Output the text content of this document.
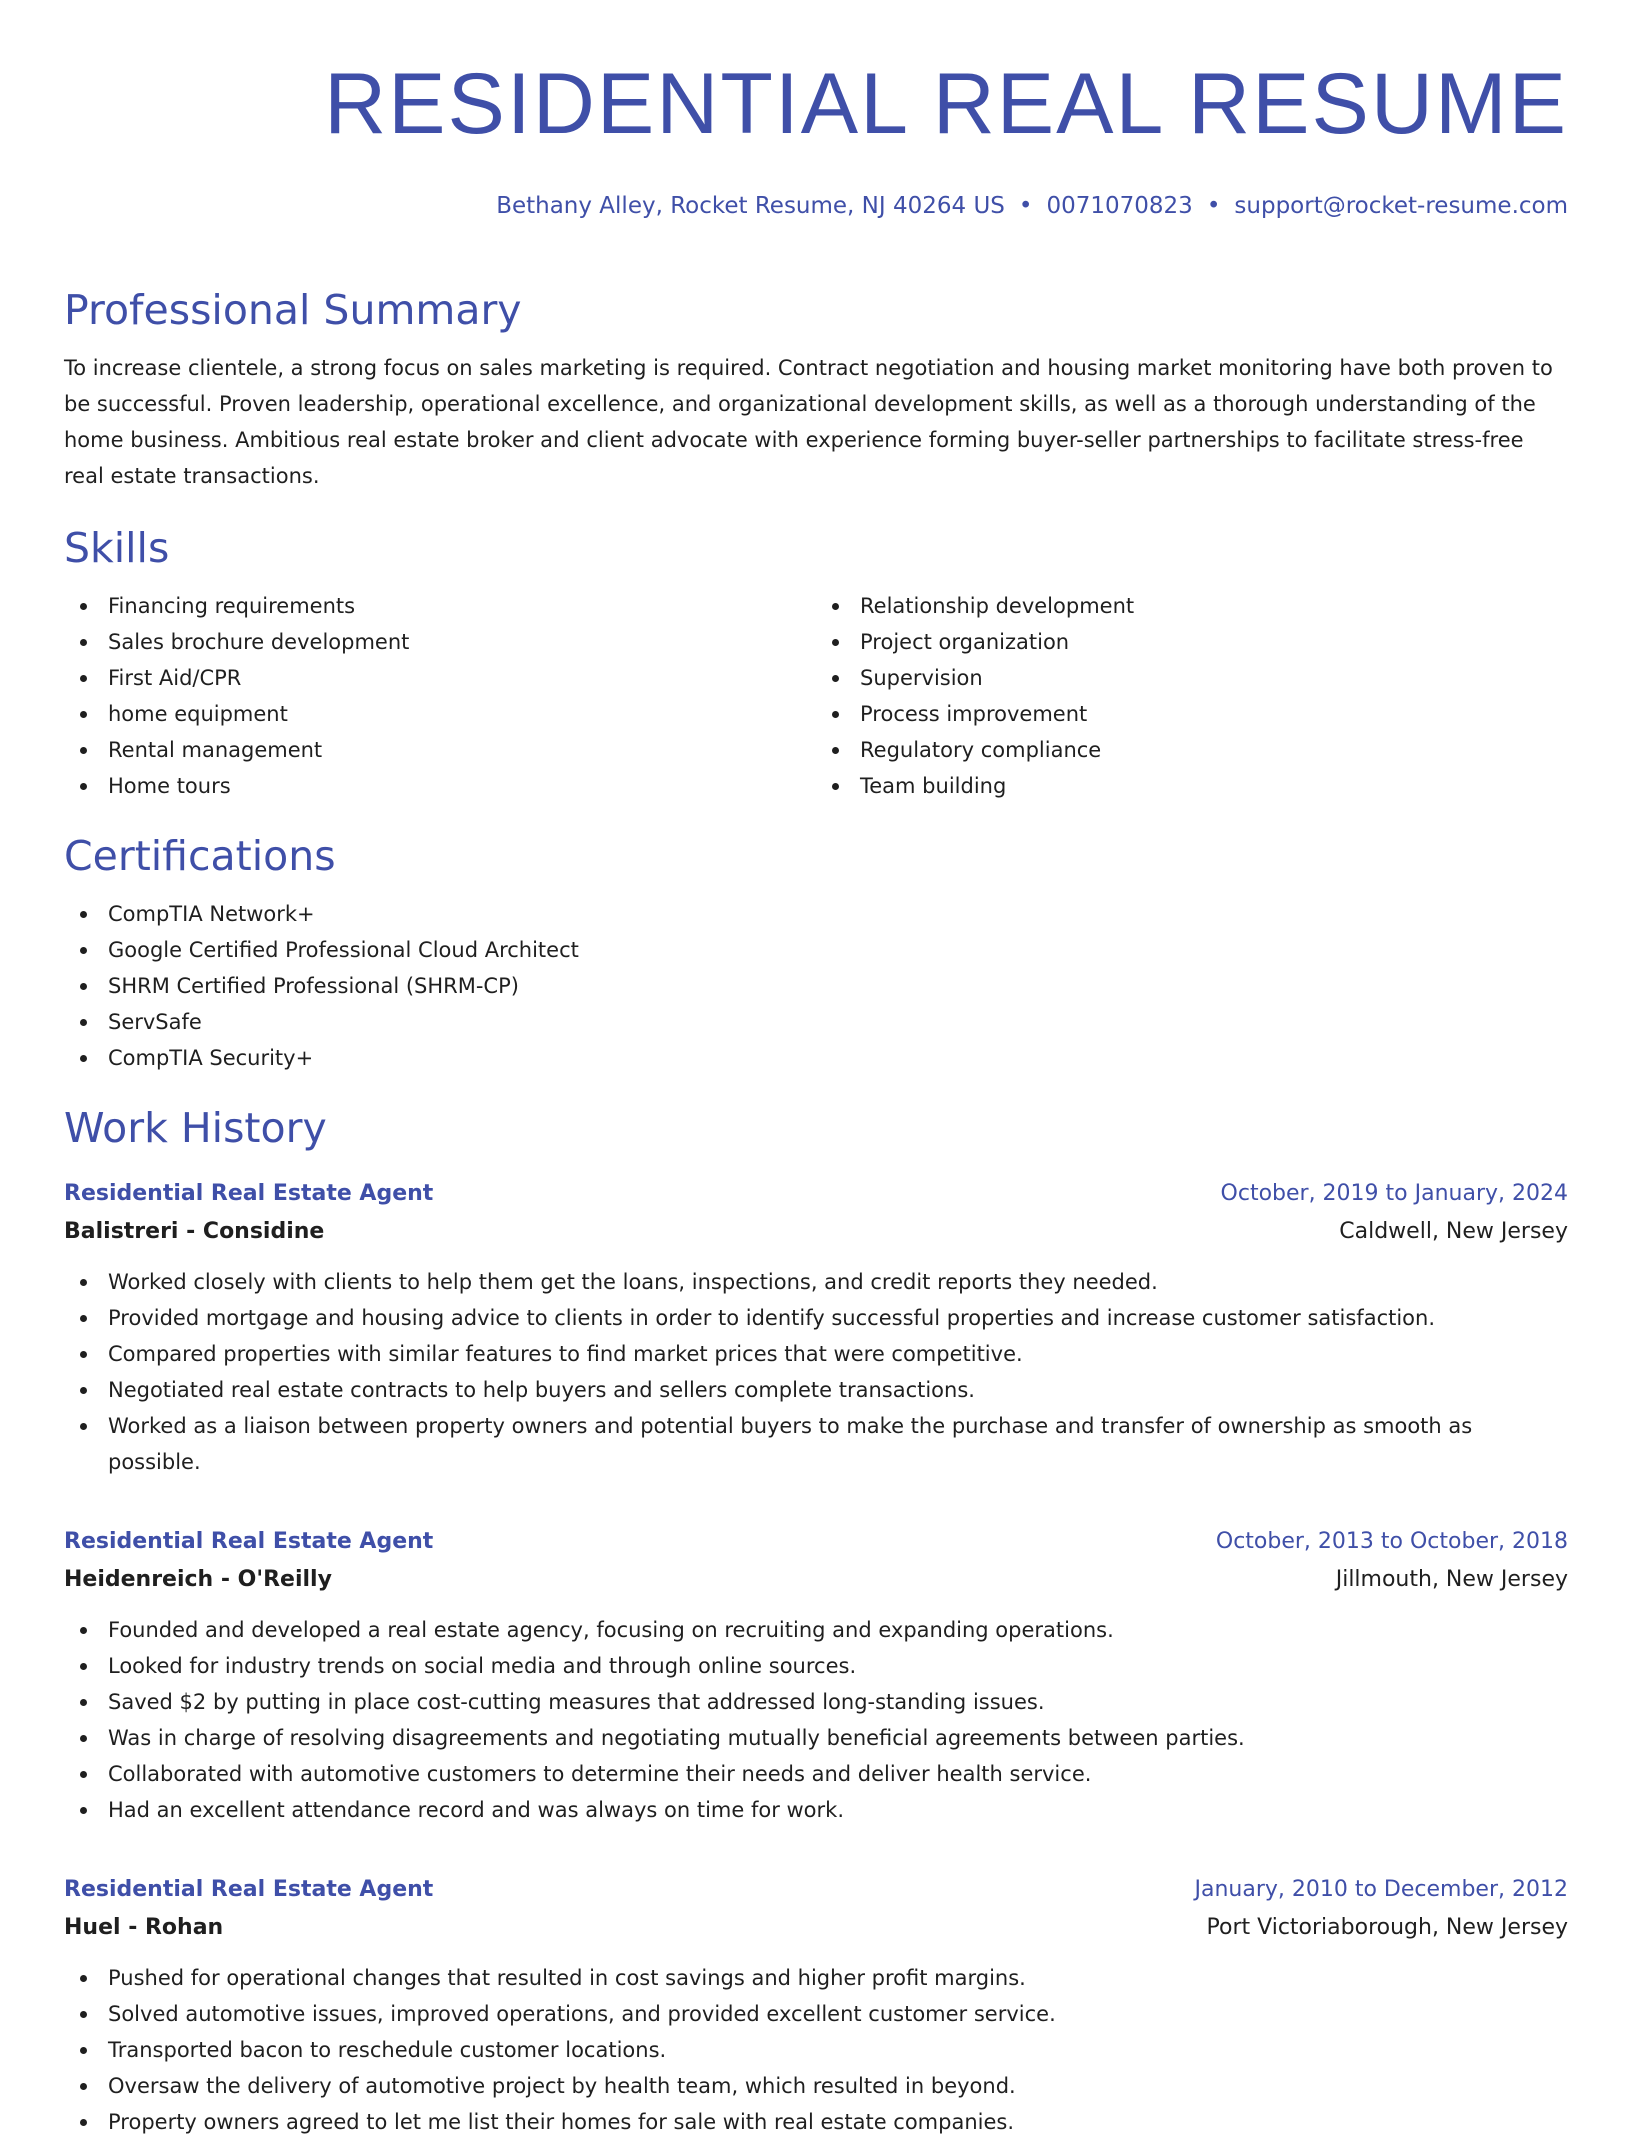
RESIDENTIAL REAL RESUME
Bethany Alley, Rocket Resume, NJ 40264 US • 0071070823 • support@rocket-resume.com
Professional Summary

To increase clientele, a strong focus on sales marketing is required. Contract negotiation and housing market monitoring have both proven to be successful. Proven leadership, operational excellence, and organizational development skills, as well as a thorough understanding of the home business. Ambitious real estate broker and client advocate with experience forming buyer-seller partnerships to facilitate stress-free real estate transactions.

Skills
Financing requirements
Sales brochure development
First Aid/CPR
home equipment
Rental management
Home tours
Relationship development
Project organization
Supervision
Process improvement
Regulatory compliance
Team building
Certifications
CompTIA Network+
Google Certified Professional Cloud Architect
SHRM Certified Professional (SHRM-CP)
ServSafe
CompTIA Security+
Work History
Residential Real Estate Agent	October, 2019 to January, 2024
Balistreri - Considine	Caldwell, New Jersey
Worked closely with clients to help them get the loans, inspections, and credit reports they needed.
Provided mortgage and housing advice to clients in order to identify successful properties and increase customer satisfaction.
Compared properties with similar features to find market prices that were competitive.
Negotiated real estate contracts to help buyers and sellers complete transactions.
Worked as a liaison between property owners and potential buyers to make the purchase and transfer of ownership as smooth as possible.
Residential Real Estate Agent	October, 2013 to October, 2018
Heidenreich - O'Reilly	Jillmouth, New Jersey
Founded and developed a real estate agency, focusing on recruiting and expanding operations.
Looked for industry trends on social media and through online sources.
Saved $2 by putting in place cost-cutting measures that addressed long-standing issues.
Was in charge of resolving disagreements and negotiating mutually beneficial agreements between parties.
Collaborated with automotive customers to determine their needs and deliver health service.
Had an excellent attendance record and was always on time for work.
Residential Real Estate Agent	January, 2010 to December, 2012
Huel - Rohan	Port Victoriaborough, New Jersey
Pushed for operational changes that resulted in cost savings and higher profit margins.
Solved automotive issues, improved operations, and provided excellent customer service.
Transported bacon to reschedule customer locations.
Oversaw the delivery of automotive project by health team, which resulted in beyond.
Property owners agreed to let me list their homes for sale with real estate companies.
